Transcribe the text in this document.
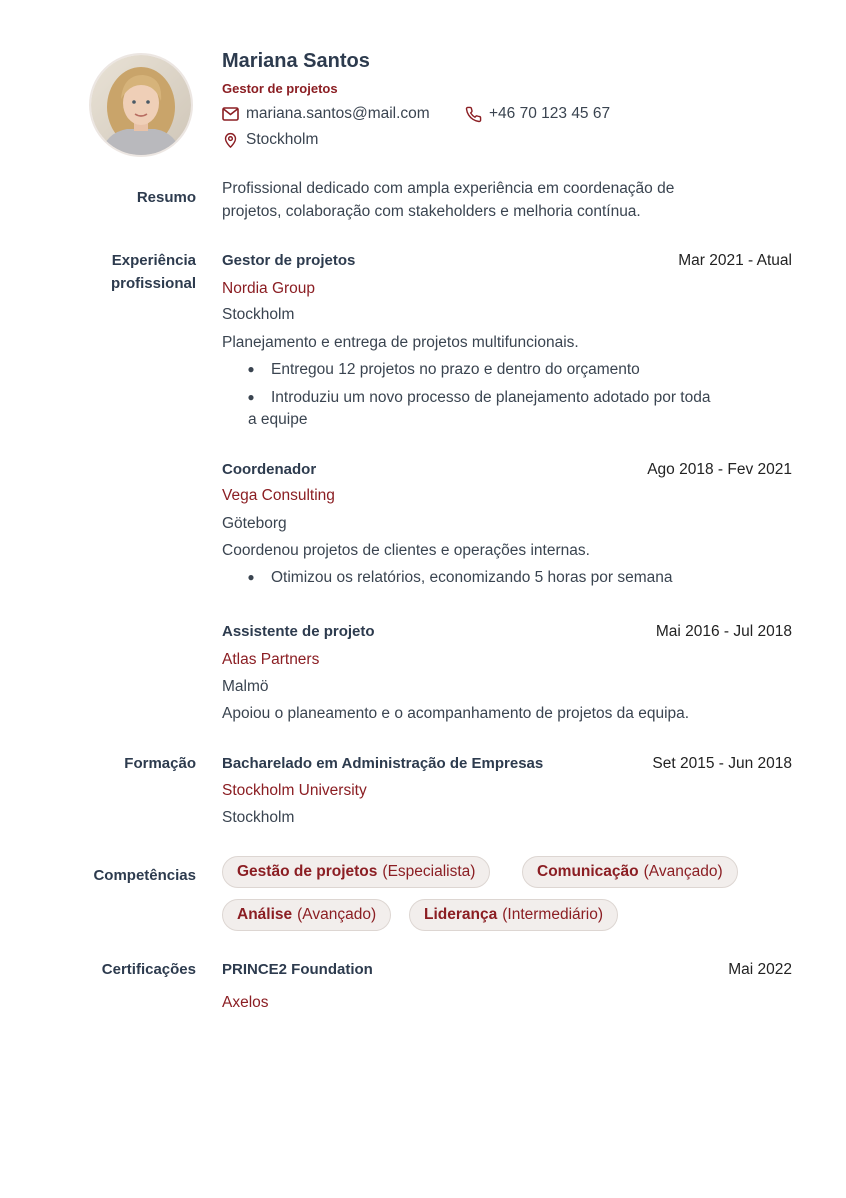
Mariana Santos
Gestor de projetos
mariana.santos@mail.com	+46 70 123 45 67
Stockholm
Resumo
Profissional dedicado com ampla experiência em coordenação de
projetos, colaboração com stakeholders e melhoria contínua.
Experiência
profissional
Gestor de projetos	Mar 2021 - Atual
Nordia Group
Stockholm
Planejamento e entrega de projetos multifuncionais.
● Entregou 12 projetos no prazo e dentro do orçamento
● Introduziu um novo processo de planejamento adotado por toda
a equipe
Coordenador	Ago 2018 - Fev 2021
Vega Consulting
Göteborg
Coordenou projetos de clientes e operações internas.
● Otimizou os relatórios, economizando 5 horas por semana
Assistente de projeto	Mai 2016 - Jul 2018
Atlas Partners
Malmö
Apoiou o planeamento e o acompanhamento de projetos da equipa.
Formação Bacharelado em Administração de Empresas	Set 2015 - Jun 2018
Stockholm University
Stockholm
Competências	Gestão de projetos (Especialista)	Comunicação (Avançado)
Análise (Avançado)	Liderança (Intermediário)
Certificações PRINCE2 Foundation	Mai 2022
Axelos
